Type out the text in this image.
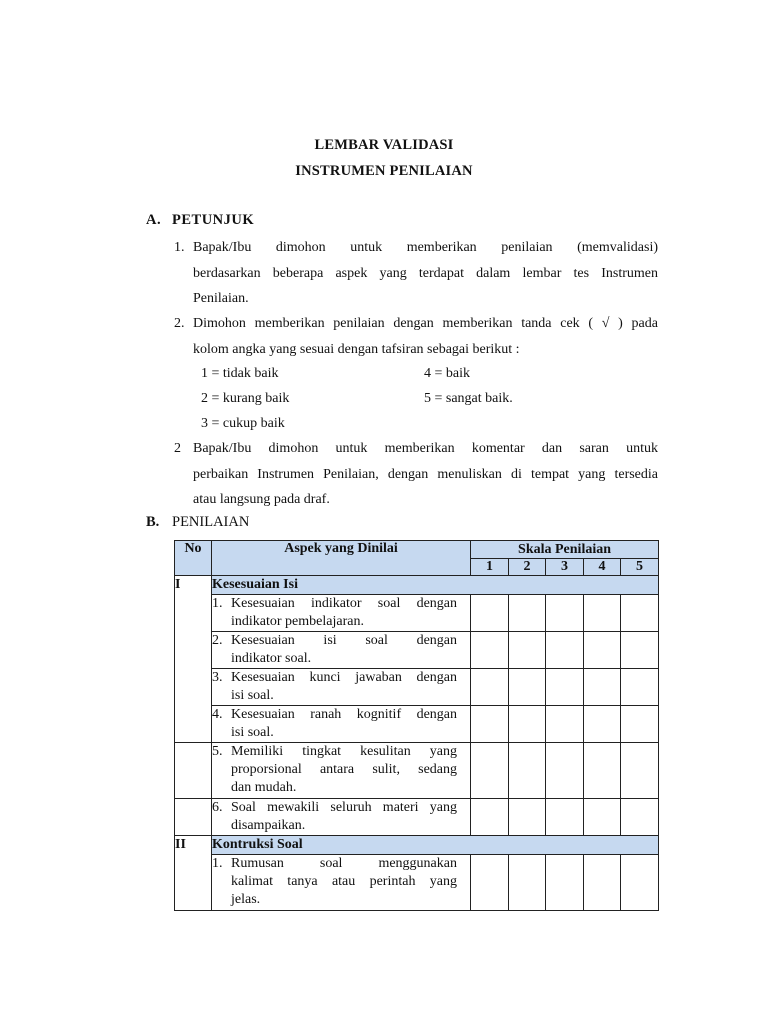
LEMBAR VALIDASI
INSTRUMEN PENILAIAN
A. PETUNJUK
1. Bapak/Ibu dimohon untuk memberikan penilaian (memvalidasi)
berdasarkan beberapa aspek yang terdapat dalam lembar tes Instrumen
Penilaian.
2. Dimohon memberikan penilaian dengan memberikan tanda cek ( √ ) pada
kolom angka yang sesuai dengan tafsiran sebagai berikut :
1 = tidak baik
2 = kurang baik
3 = cukup baik
4 = baik
5 = sangat baik.
2 Bapak/Ibu dimohon untuk memberikan komentar dan saran untuk
perbaikan Instrumen Penilaian, dengan menuliskan di tempat yang tersedia
atau langsung pada draf.
B. PENILAIAN
No	Aspek yang Dinilai	Skala Penilaian				
		1	2	3	4	5
I	Kesesuaian Isi					
	1. Kesesuaian indikator soal dengan
indikator pembelajaran.					

	2. Kesesuaian isi soal dengan
indikator soal.					

	3. Kesesuaian kunci jawaban dengan
isi soal.					

	4. Kesesuaian ranah kognitif dengan
isi soal.					

	5. Memiliki tingkat kesulitan yang
proporsional antara sulit, sedang
dan mudah.					

	6. Soal mewakili seluruh materi yang
disampaikan.					

II	Kontruksi Soal					
	1. Rumusan soal menggunakan
kalimat tanya atau perintah yang
jelas.					
